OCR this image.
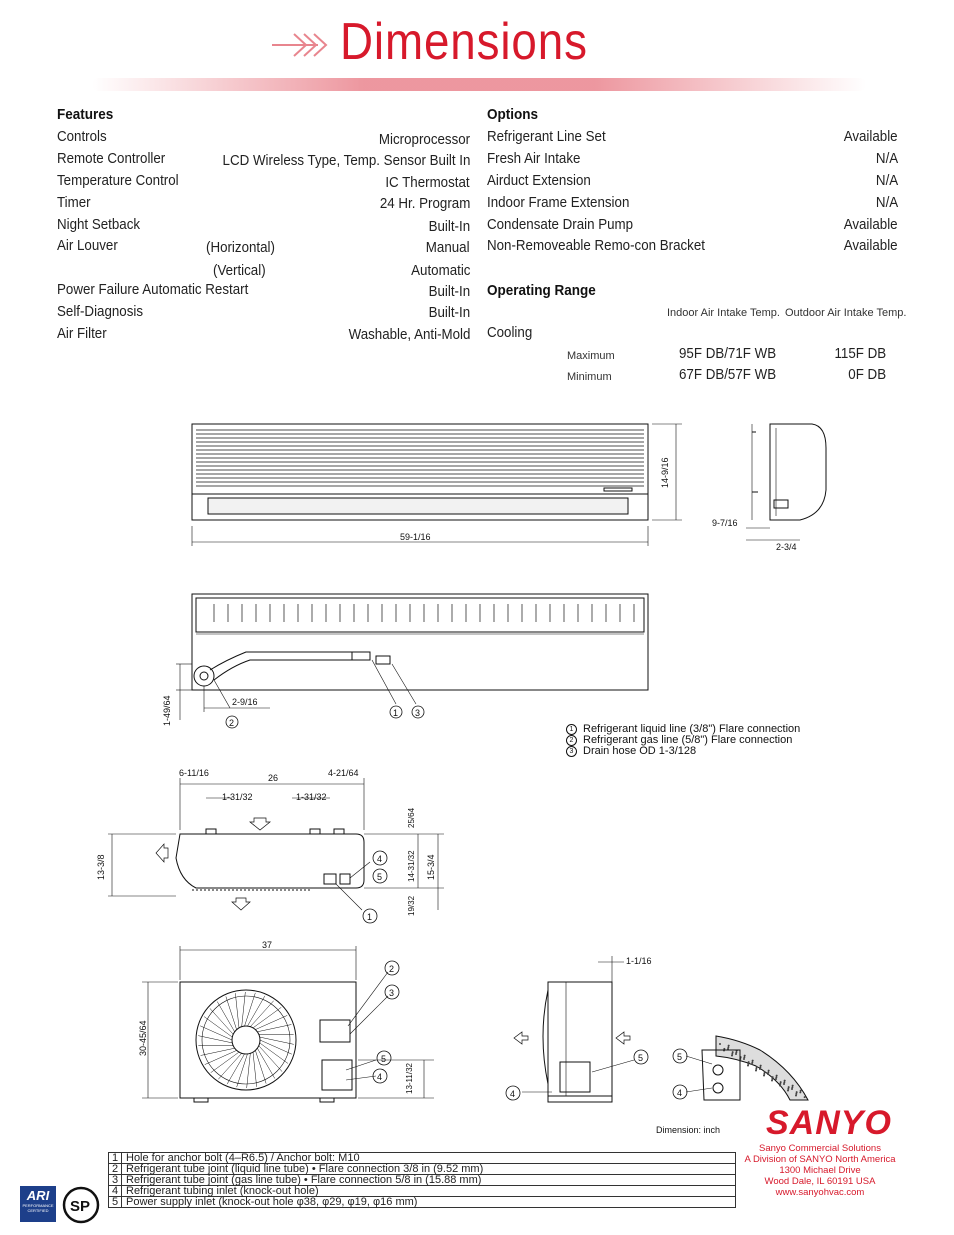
Dimensions
Features
Controls	Microprocessor
Remote Controller	LCD Wireless Type, Temp. Sensor Built In
Temperature Control	IC Thermostat
Timer	24 Hr. Program
Night Setback	Built-In
Air Louver	(Horizontal)	Manual
(Vertical)	Automatic
Power Failure Automatic Restart	Built-In
Self-Diagnosis	Built-In
Air Filter	Washable, Anti-Mold
Options
Refrigerant Line Set	Available
Fresh Air Intake	N/A
Airduct Extension	N/A
Indoor Frame Extension	N/A
Condensate Drain Pump	Available
Non-Removeable Remo-con Bracket	Available
Operating Range
Indoor Air Intake Temp. Outdoor Air Intake Temp.
Cooling
Maximum	95F DB/71F WB	115F DB
Minimum	67F DB/57F WB	0F DB
14-9/16
59-1/16
9-7/16
2-3/4
1-49/64	2-9/16
2
1 3
6-11/16	26	4-21/64
1-31/32	1-31/32
25/64
13-3/8	14-31/32 15-3/4
19/32
4
5
1
37
30-45/64
13-11/32
2
3
5
4
1-1/16
4
5	5
4
Dimension: inch
1 Refrigerant liquid line (3/8") Flare connection
2 Refrigerant gas line (5/8") Flare connection
3 Drain hose OD 1-3/128
1	Hole for anchor bolt (4–R6.5) / Anchor bolt: M10
2	Refrigerant tube joint (liquid line tube) • Flare connection 3/8 in (9.52 mm)
3	Refrigerant tube joint (gas line tube) • Flare connection 5/8 in (15.88 mm)
4	Refrigerant tubing inlet (knock-out hole)
5	Power supply inlet (knock-out hole φ38, φ29, φ19, φ16 mm)
ARI
PERFORMANCE CERTIFIED	SP
SANYO
Sanyo Commercial Solutions
A Division of SANYO North America
1300 Michael Drive
Wood Dale, IL 60191 USA
www.sanyohvac.com
